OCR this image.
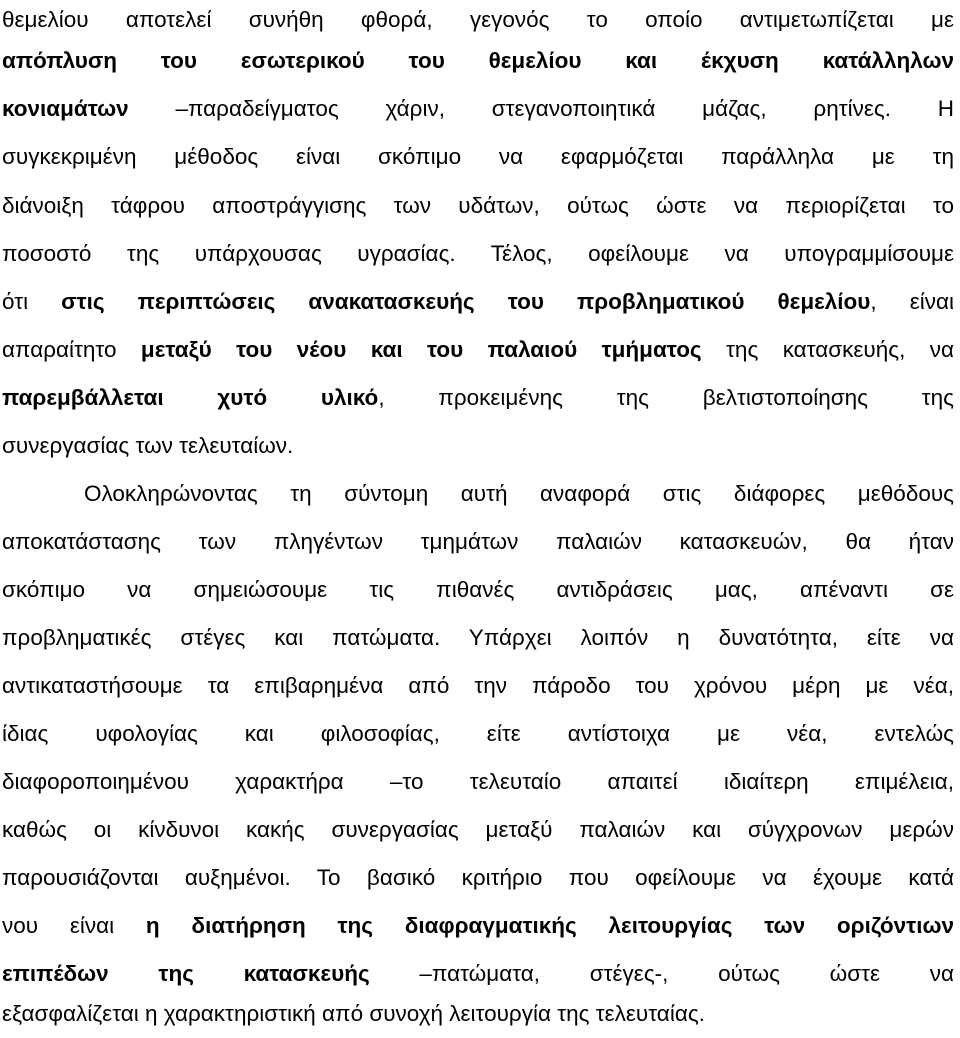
θεμελίου αποτελεί συνήθη φθορά, γεγονός το οποίο αντιμετωπίζεται με
απόπλυση του εσωτερικού του θεμελίου και έκχυση κατάλληλων
κονιαμάτων –παραδείγματος χάριν, στεγανοποιητικά μάζας, ρητίνες. Η
συγκεκριμένη μέθοδος είναι σκόπιμο να εφαρμόζεται παράλληλα με τη
διάνοιξη τάφρου αποστράγγισης των υδάτων, ούτως ώστε να περιορίζεται το
ποσοστό της υπάρχουσας υγρασίας. Τέλος, οφείλουμε να υπογραμμίσουμε
ότι στις περιπτώσεις ανακατασκευής του προβληματικού θεμελίου, είναι
απαραίτητο μεταξύ του νέου και του παλαιού τμήματος της κατασκευής, να
παρεμβάλλεται χυτό υλικό, προκειμένης της βελτιστοποίησης της
συνεργασίας των τελευταίων.
Ολοκληρώνοντας τη σύντομη αυτή αναφορά στις διάφορες μεθόδους
αποκατάστασης των πληγέντων τμημάτων παλαιών κατασκευών, θα ήταν
σκόπιμο να σημειώσουμε τις πιθανές αντιδράσεις μας, απέναντι σε
προβληματικές στέγες και πατώματα. Υπάρχει λοιπόν η δυνατότητα, είτε να
αντικαταστήσουμε τα επιβαρημένα από την πάροδο του χρόνου μέρη με νέα,
ίδιας υφολογίας και φιλοσοφίας, είτε αντίστοιχα με νέα, εντελώς
διαφοροποιημένου χαρακτήρα –το τελευταίο απαιτεί ιδιαίτερη επιμέλεια,
καθώς οι κίνδυνοι κακής συνεργασίας μεταξύ παλαιών και σύγχρονων μερών
παρουσιάζονται αυξημένοι. Το βασικό κριτήριο που οφείλουμε να έχουμε κατά
νου είναι η διατήρηση της διαφραγματικής λειτουργίας των οριζόντιων
επιπέδων της κατασκευής –πατώματα, στέγες-, ούτως ώστε να
εξασφαλίζεται η χαρακτηριστική από συνοχή λειτουργία της τελευταίας.
